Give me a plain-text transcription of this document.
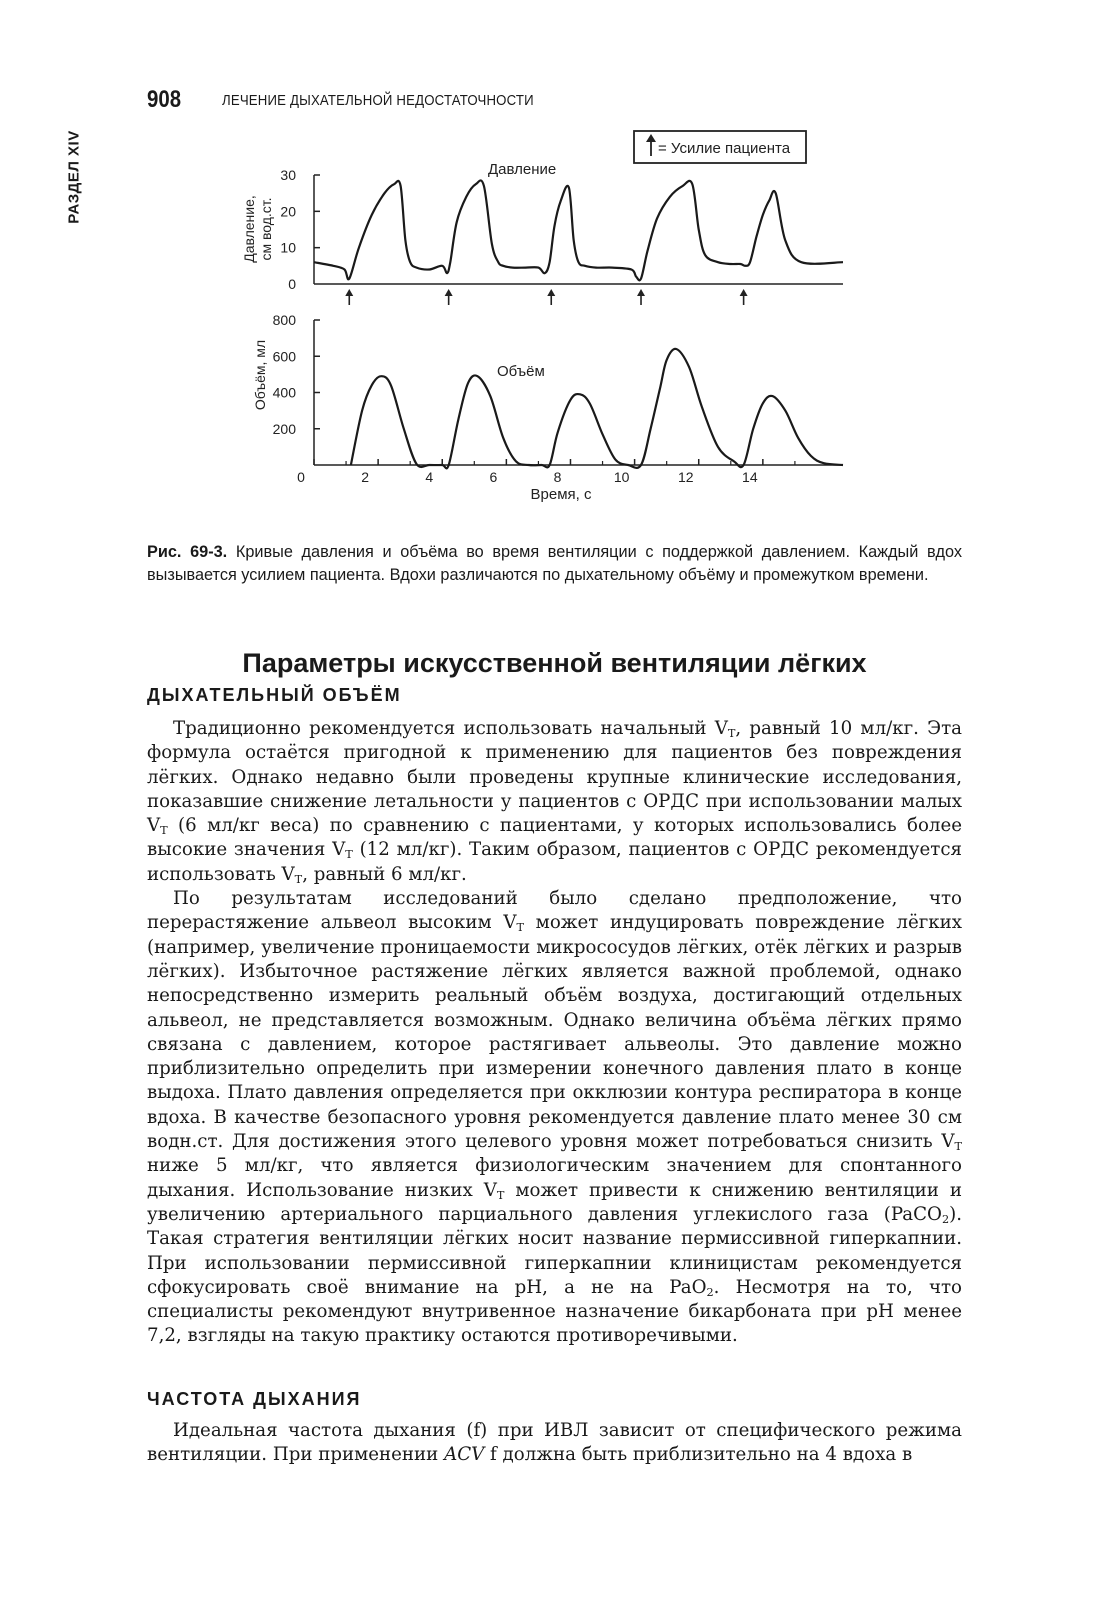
РАЗДЕЛ XIV
908	ЛЕЧЕНИЕ ДЫХАТЕЛЬНОЙ НЕДОСТАТОЧНОСТИ
= Усилие пациента
0
10
20
30
Давление, см вод.ст.
Давление
200
400
600
800
0	2	4	6	8	10	12	14
Объём, мл	Объём
Время, с
Рис. 69-3. Кривые давления и объёма во время вентиляции с поддержкой давлением. Каждый вдох вызывается усилием пациента. Вдохи различаются по дыхательному объёму и промежутком времени.
Параметры искусственной вентиляции лёгких
ДЫХАТЕЛЬНЫЙ ОБЪЁМ

Традиционно рекомендуется использовать начальный $V_Т$, равный 10 мл/кг. Эта формула остаётся пригодной к применению для пациентов без повреждения лёгких. Однако недавно были проведены крупные клинические исследования, показавшие снижение летальности у пациентов с ОРДС при использовании малых $V_Т$ (6 мл/кг веса) по сравнению с пациентами, у которых использовались более высокие значения $V_Т$ (12 мл/кг). Таким образом, пациентов с ОРДС рекомендуется использовать $V_Т$, равный 6 мл/кг.

По результатам исследований было сделано предположение, что перерастяжение альвеол высоким $V_Т$ может индуцировать повреждение лёгких (например, увеличение проницаемости микрососудов лёгких, отёк лёгких и разрыв лёгких). Избыточное растяжение лёгких является важной проблемой, однако непосредственно измерить реальный объём воздуха, достигающий отдельных альвеол, не представляется возможным. Однако величина объёма лёгких прямо связана с давлением, которое растягивает альвеолы. Это давление можно приблизительно определить при измерении конечного давления плато в конце выдоха. Плато давления определяется при окклюзии контура респиратора в конце вдоха. В качестве безопасного уровня рекомендуется давление плато менее 30 см водн.ст. Для достижения этого целевого уровня может потребоваться снизить $V_Т$ ниже 5 мл/кг, что является физиологическим значением для спонтанного дыхания. Использование низких $V_Т$ может привести к снижению вентиляции и увеличению артериального парциального давления углекислого газа (PaCO$_2$). Такая стратегия вентиляции лёгких носит название пермиссивной гиперкапнии. При использовании пермиссивной гиперкапнии клиницистам рекомендуется сфокусировать своё внимание на pH, а не на PaO$_2$. Несмотря на то, что специалисты рекомендуют внутривенное назначение бикарбоната при pH менее 7,2, взгляды на такую практику остаются противоречивыми.

ЧАСТОТА ДЫХАНИЯ

Идеальная частота дыхания (f) при ИВЛ зависит от специфического режима вентиляции. При применении ACV f должна быть приблизительно на 4 вдоха в
